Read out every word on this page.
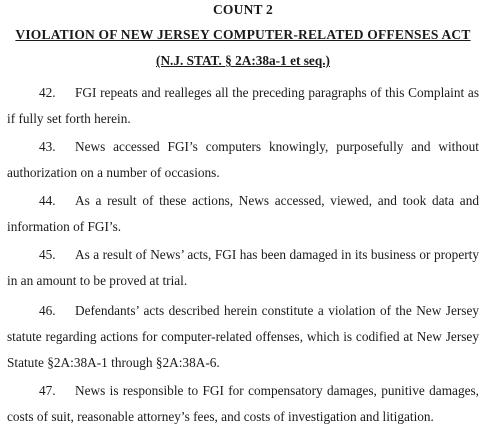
COUNT 2
VIOLATION OF NEW JERSEY COMPUTER-RELATED OFFENSES ACT
(N.J. STAT. § 2A:38a-1 et seq.)

42. FGI repeats and realleges all the preceding paragraphs of this Complaint as if fully set forth herein.

43. News accessed FGI’s computers knowingly, purposefully and without authorization on a number of occasions.

44. As a result of these actions, News accessed, viewed, and took data and information of FGI’s.

45. As a result of News’ acts, FGI has been damaged in its business or property in an amount to be proved at trial.

46. Defendants’ acts described herein constitute a violation of the New Jersey statute regarding actions for computer-related offenses, which is codified at New Jersey Statute §2A:38A-1 through §2A:38A-6.

47. News is responsible to FGI for compensatory damages, punitive damages, costs of suit, reasonable attorney’s fees, and costs of investigation and litigation.
